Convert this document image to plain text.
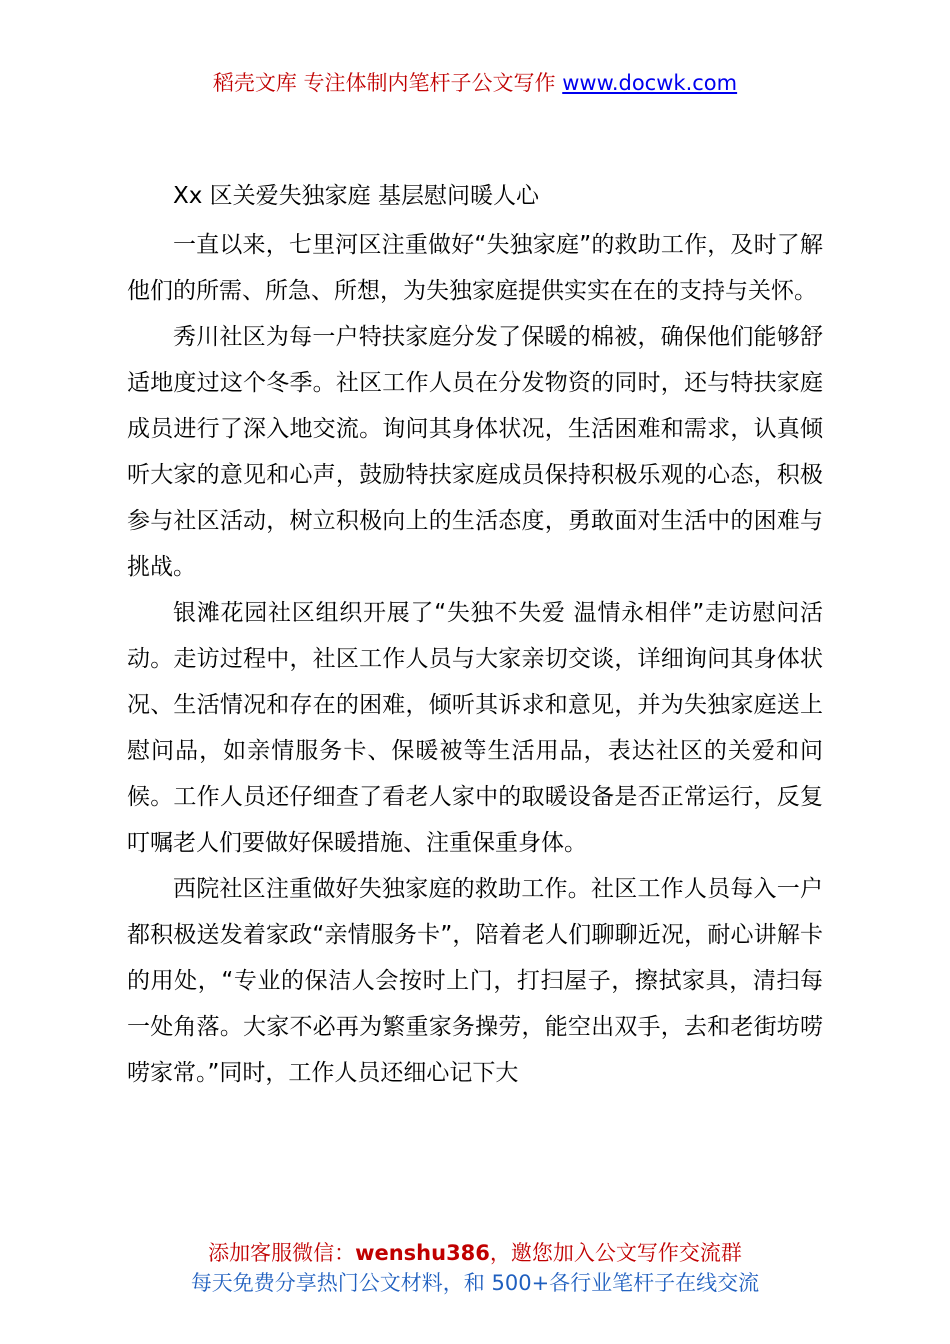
稻壳文库 专注体制内笔杆子公文写作 www.docwk.com

Xx 区关爱失独家庭 基层慰问暖人心

一直以来，七里河区注重做好“失独家庭”的救助工作，及时了解他们的所需、所急、所想，为失独家庭提供实实在在的支持与关怀。

秀川社区为每一户特扶家庭分发了保暖的棉被，确保他们能够舒适地度过这个冬季。社区工作人员在分发物资的同时，还与特扶家庭成员进行了深入地交流。询问其身体状况，生活困难和需求，认真倾听大家的意见和心声，鼓励特扶家庭成员保持积极乐观的心态，积极参与社区活动，树立积极向上的生活态度，勇敢面对生活中的困难与挑战。

银滩花园社区组织开展了“失独不失爱 温情永相伴”走访慰问活动。走访过程中，社区工作人员与大家亲切交谈，详细询问其身体状况、生活情况和存在的困难，倾听其诉求和意见，并为失独家庭送上慰问品，如亲情服务卡、保暖被等生活用品，表达社区的关爱和问候。工作人员还仔细查了看老人家中的取暖设备是否正常运行，反复叮嘱老人们要做好保暖措施、注重保重身体。

西院社区注重做好失独家庭的救助工作。社区工作人员每入一户都积极送发着家政“亲情服务卡”，陪着老人们聊聊近况，耐心讲解卡的用处，“专业的保洁人会按时上门，打扫屋子，擦拭家具，清扫每一处角落。大家不必再为繁重家务操劳，能空出双手，去和老街坊唠唠家常。”同时，工作人员还细心记下大

添加客服微信：wenshu386，邀您加入公文写作交流群
每天免费分享热门公文材料，和 500+各行业笔杆子在线交流
